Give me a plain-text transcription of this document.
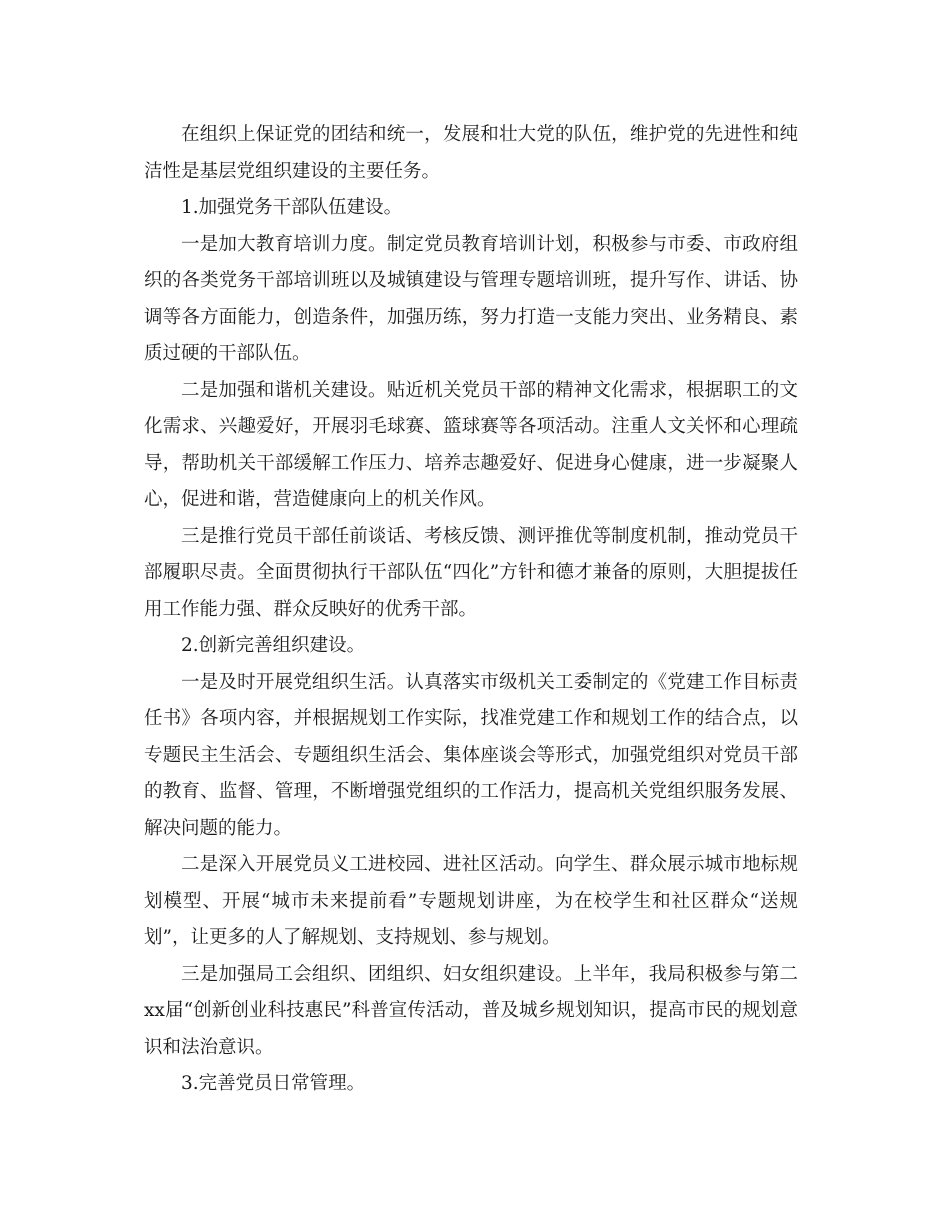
在组织上保证党的团结和统一，发展和壮大党的队伍，维护党的先进性和纯洁性是基层党组织建设的主要任务。

1.加强党务干部队伍建设。

一是加大教育培训力度。制定党员教育培训计划，积极参与市委、市政府组织的各类党务干部培训班以及城镇建设与管理专题培训班，提升写作、讲话、协调等各方面能力，创造条件，加强历练，努力打造一支能力突出、业务精良、素质过硬的干部队伍。

二是加强和谐机关建设。贴近机关党员干部的精神文化需求，根据职工的文化需求、兴趣爱好，开展羽毛球赛、篮球赛等各项活动。注重人文关怀和心理疏导，帮助机关干部缓解工作压力、培养志趣爱好、促进身心健康，进一步凝聚人心，促进和谐，营造健康向上的机关作风。

三是推行党员干部任前谈话、考核反馈、测评推优等制度机制，推动党员干部履职尽责。全面贯彻执行干部队伍“四化”方针和德才兼备的原则，大胆提拔任用工作能力强、群众反映好的优秀干部。

2.创新完善组织建设。

一是及时开展党组织生活。认真落实市级机关工委制定的《党建工作目标责任书》各项内容，并根据规划工作实际，找准党建工作和规划工作的结合点，以专题民主生活会、专题组织生活会、集体座谈会等形式，加强党组织对党员干部的教育、监督、管理，不断增强党组织的工作活力，提高机关党组织服务发展、解决问题的能力。

二是深入开展党员义工进校园、进社区活动。向学生、群众展示城市地标规划模型、开展“城市未来提前看”专题规划讲座，为在校学生和社区群众“送规划”，让更多的人了解规划、支持规划、参与规划。

三是加强局工会组织、团组织、妇女组织建设。上半年，我局积极参与第二xx届“创新创业科技惠民”科普宣传活动，普及城乡规划知识，提高市民的规划意识和法治意识。

3.完善党员日常管理。
